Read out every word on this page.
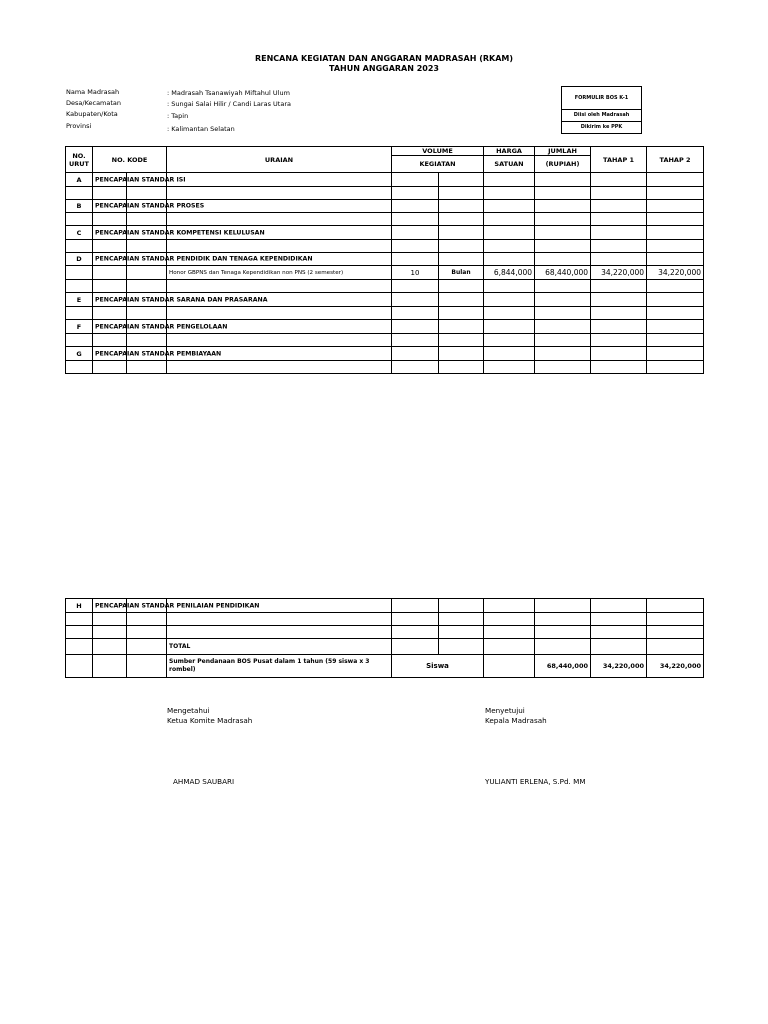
RENCANA KEGIATAN DAN ANGGARAN MADRASAH (RKAM)
TAHUN ANGGARAN 2023
Nama Madrasah	: Madrasah Tsanawiyah Miftahul Ulum
Desa/Kecamatan	: Sungai Salai Hilir / Candi Laras Utara
Kabupaten/Kota	: Tapin
Provinsi	: Kalimantan Selatan
FORMULIR BOS K-1
Diisi oleh Madrasah
Dikirim ke PPK
NO. URUT	NO. KODE		URAIAN	VOLUME		HARGA	JUMLAH	TAHAP 1	TAHAP 2
				KEGIATAN		SATUAN	(RUPIAH)		
A	PENCAPAIAN STANDAR ISI								

B	PENCAPAIAN STANDAR PROSES								

C	PENCAPAIAN STANDAR KOMPETENSI KELULUSAN								

D	PENCAPAIAN STANDAR PENDIDIK DAN TENAGA KEPENDIDIKAN								

			Honor GBPNS dan Tenaga Kependidikan non PNS (2 semester)	10	Bulan	6,844,000	68,440,000	34,220,000	34,220,000

E	PENCAPAIAN STANDAR SARANA DAN PRASARANA								

F	PENCAPAIAN STANDAR PENGELOLAAN								

G	PENCAPAIAN STANDAR PEMBIAYAAN								

H	PENCAPAIAN STANDAR PENILAIAN PENDIDIKAN								

			TOTAL						
			Sumber Pendanaan BOS Pusat dalam 1 tahun (59 siswa x 3 rombel)	Siswa			68,440,000	34,220,000	34,220,000
Mengetahui
Ketua Komite Madrasah
AHMAD SAUBARI
Menyetujui
Kepala Madrasah
YULIANTI ERLENA, S.Pd. MM
